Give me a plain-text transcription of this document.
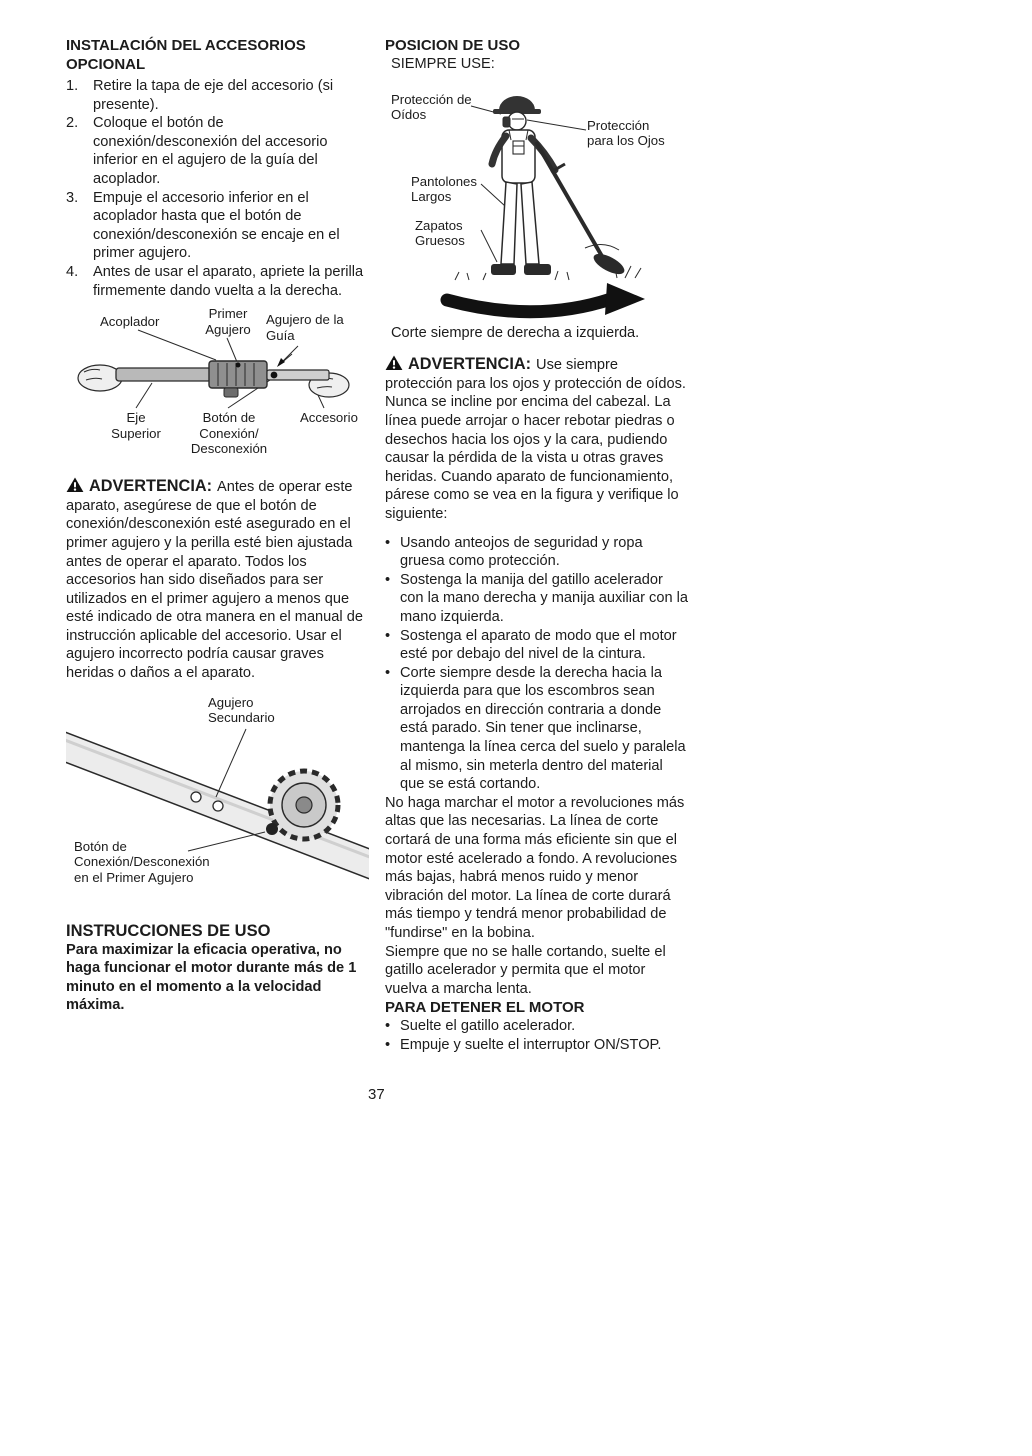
INSTALACIÓN DEL ACCESORIOS OPCIONAL
1.	Retire la tapa de eje del accesorio (si presente).
2.	Coloque el botón de conexión/desconexión del accesorio inferior en el agujero de la guía del acoplador.
3.	Empuje el accesorio inferior en el acoplador hasta que el botón de conexión/desconexión se encaje en el primer agujero.
4.	Antes de usar el aparato, apriete la perilla firmemente dando vuelta a la derecha.
Acoplador
Primer Agujero
Agujero de la Guía
Eje Superior
Botón de Conexión/ Desconexión
Accesorio

ADVERTENCIA: Antes de operar este aparato, asegúrese de que el botón de conexión/desconexión esté asegurado en el primer agujero y la perilla esté bien ajustada antes de operar el aparato. Todos los accesorios han sido diseñados para ser utilizados en el primer agujero a menos que esté indicado de otra manera en el manual de instrucción aplicable del accesorio. Usar el agujero incorrecto podría causar graves heridas o daños a el aparato.

Agujero Secundario
Botón de Conexión/Desconexión en el Primer Agujero
INSTRUCCIONES DE USO

Para maximizar la eficacia operativa, no haga funcionar el motor durante más de 1 minuto en el momento a la velocidad máxima.

POSICION DE USO
SIEMPRE USE:
Protección de Oídos
Protección para los Ojos
Pantolones Largos
Zapatos Gruesos

Corte siempre de derecha a izquierda.

ADVERTENCIA: Use siempre protección para los ojos y protección de oídos. Nunca se incline por encima del cabezal. La línea puede arrojar o hacer rebotar piedras o desechos hacia los ojos y la cara, pudiendo causar la pérdida de la vista u otras graves heridas. Cuando aparato de funcionamiento, párese como se vea en la figura y verifique lo siguiente:

• Usando anteojos de seguridad y ropa gruesa como protección.
• Sostenga la manija del gatillo acelerador con la mano derecha y manija auxiliar con la mano izquierda.
• Sostenga el aparato de modo que el motor esté por debajo del nivel de la cintura.
• Corte siempre desde la derecha hacia la izquierda para que los escombros sean arrojados en dirección contraria a donde está parado. Sin tener que inclinarse, mantenga la línea cerca del suelo y paralela al mismo, sin meterla dentro del material que se está cortando.

No haga marchar el motor a revoluciones más altas que las necesarias. La línea de corte cortará de una forma más eficiente sin que el motor esté acelerado a fondo. A revoluciones más bajas, habrá menos ruido y menor vibración del motor. La línea de corte durará más tiempo y tendrá menor probabilidad de "fundirse" en la bobina.

Siempre que no se halle cortando, suelte el gatillo acelerador y permita que el motor vuelva a marcha lenta.

PARA DETENER EL MOTOR
• Suelte el gatillo acelerador.
• Empuje y suelte el interruptor ON/STOP.
37
